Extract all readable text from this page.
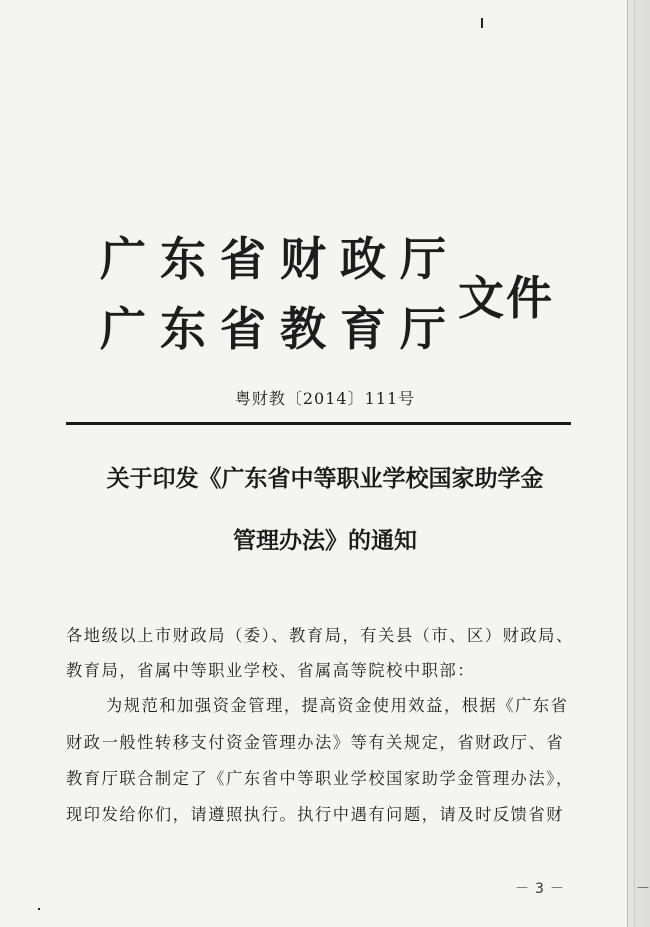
广东省财政厅
广东省教育厅
文件
粤财教〔2014〕111号
关于印发《广东省中等职业学校国家助学金
管理办法》的通知
各地级以上市财政局（委）、教育局，有关县（市、区）财政局、
教育局，省属中等职业学校、省属高等院校中职部：
为规范和加强资金管理，提高资金使用效益，根据《广东省
财政一般性转移支付资金管理办法》等有关规定，省财政厅、省
教育厅联合制定了《广东省中等职业学校国家助学金管理办法》，
现印发给你们，请遵照执行。执行中遇有问题，请及时反馈省财
－3－	－
